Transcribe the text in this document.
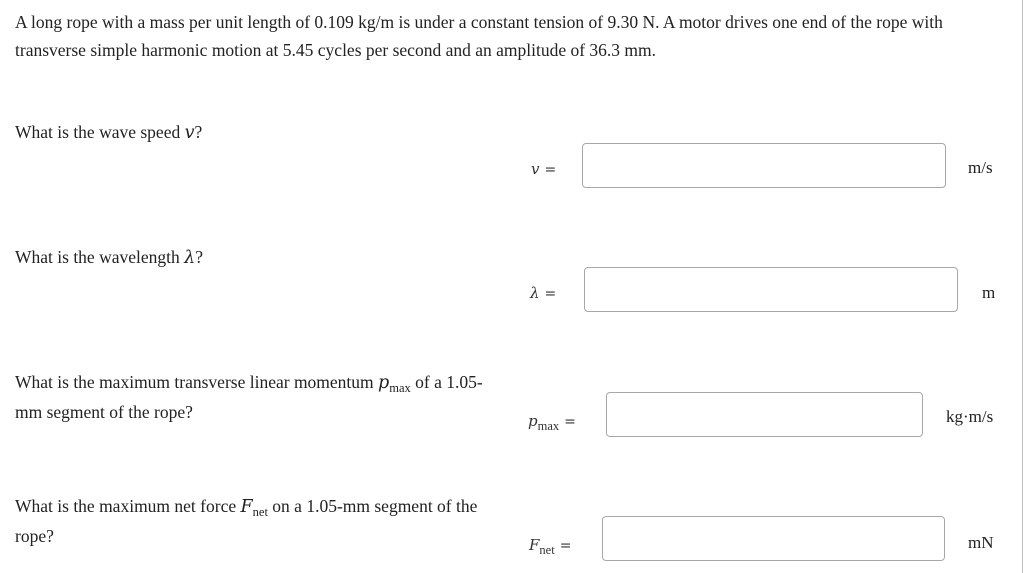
A long rope with a mass per unit length of 0.109 kg/m is under a constant tension of 9.30 N. A motor drives one end of the rope with transverse simple harmonic motion at 5.45 cycles per second and an amplitude of 36.3 mm.

What is the wave speed v?

v =	m/s

What is the wavelength λ?

λ =	m

What is the maximum transverse linear momentum $p_{max}$ of a 1.05-mm segment of the rope?	$p_{max}$ =	kg·m/s

What is the maximum net force $F_{net}$ on a 1.05-mm segment of the rope?	$F_{net}$ =	mN
